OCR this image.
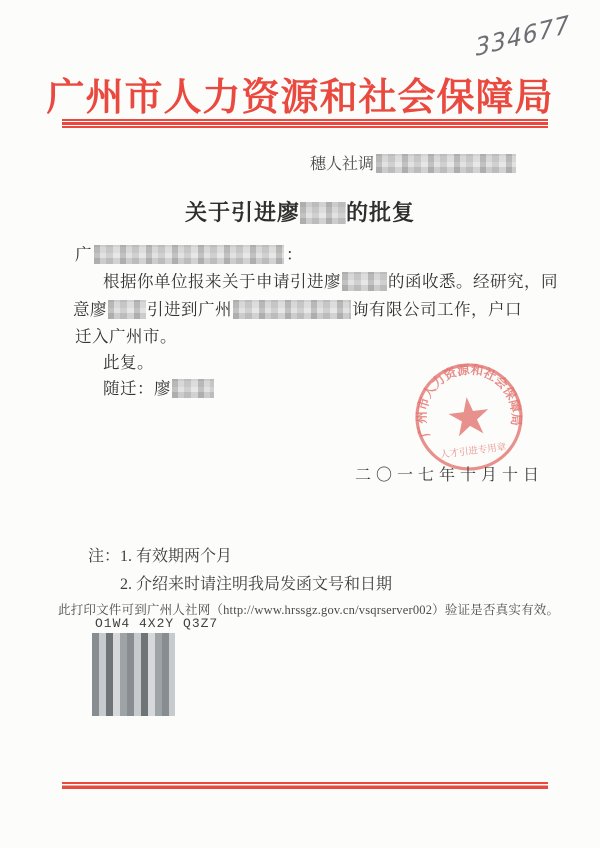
334677
广州市人力资源和社会保障局
穗人社调
关于引进廖 的批复
广	：
根据你单位报来关于申请引进廖	的函收悉。经研究，同
意廖 引进到广州	询有限公司工作，户口
迁入广州市。
此复。
随迁：廖
广州市人力资源和社会保障局
人才引进专用章
二〇一七年十月十日
注： 1. 有效期两个月
2. 介绍来时请注明我局发函文号和日期
此打印文件可到广州人社网（http://www.hrssgz.gov.cn/vsqrserver002）验证是否真实有效。
O1W4 4X2Y Q3Z7
